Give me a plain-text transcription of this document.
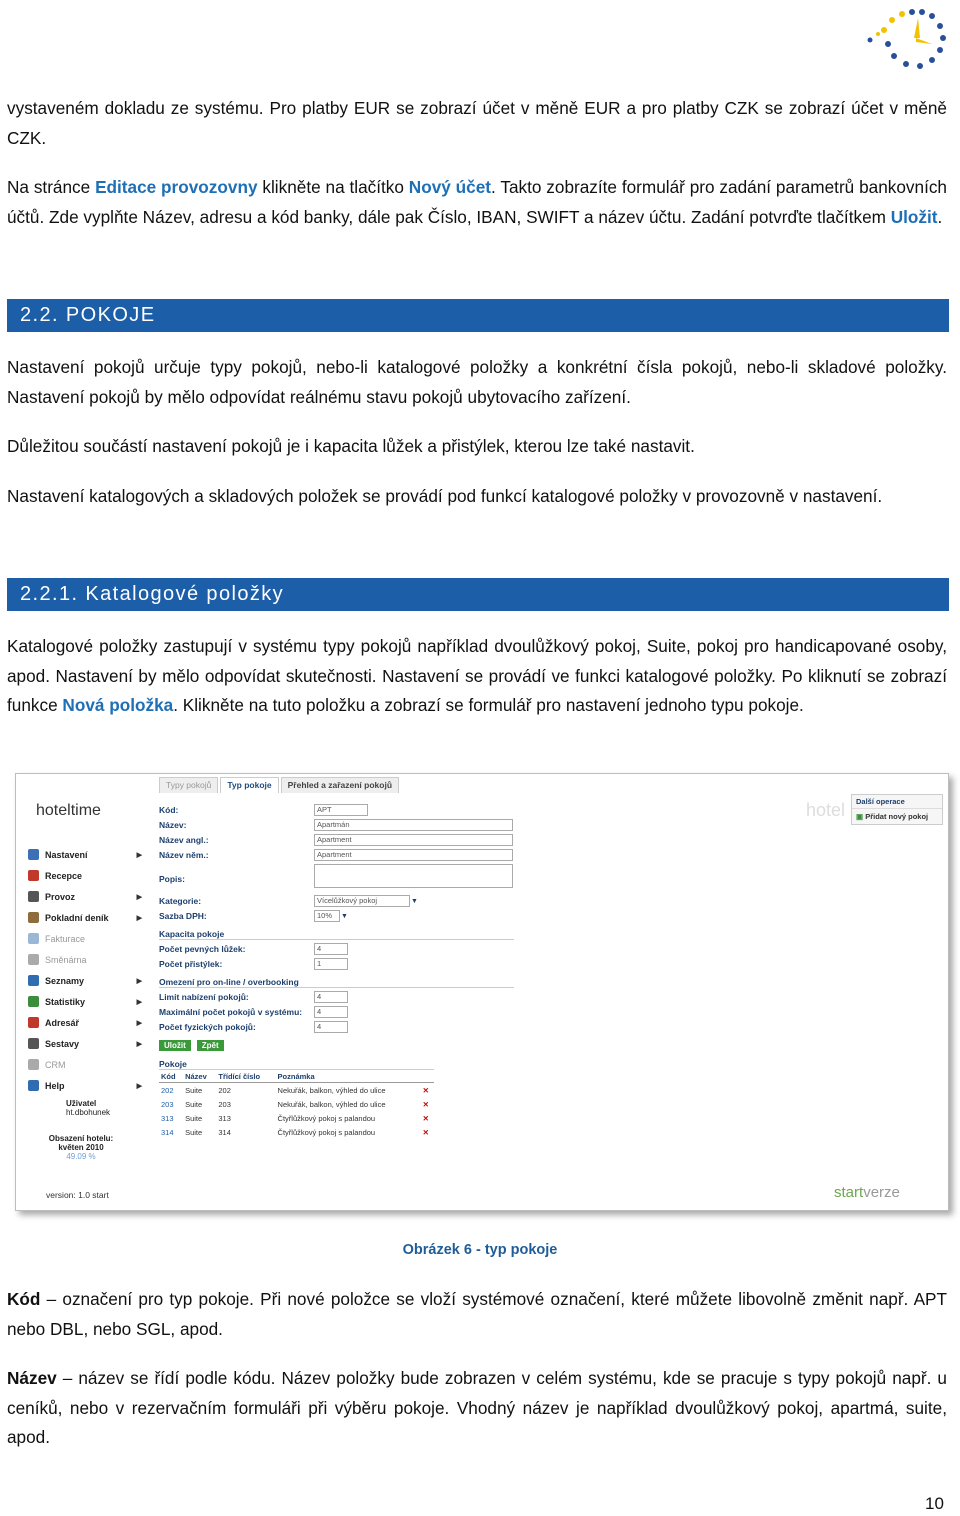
vystaveném dokladu ze systému. Pro platby EUR se zobrazí účet v měně EUR a pro platby CZK se zobrazí účet v měně CZK.
Na stránce Editace provozovny klikněte na tlačítko Nový účet. Takto zobrazíte formulář pro zadání parametrů bankovních účtů. Zde vyplňte Název, adresu a kód banky, dále pak Číslo, IBAN, SWIFT a název účtu. Zadání potvrďte tlačítkem Uložit.
2.2. POKOJE
Nastavení pokojů určuje typy pokojů, nebo-li katalogové položky a konkrétní čísla pokojů, nebo-li skladové položky. Nastavení pokojů by mělo odpovídat reálnému stavu pokojů ubytovacího zařízení.
Důležitou součástí nastavení pokojů je i kapacita lůžek a přistýlek, kterou lze také nastavit.
Nastavení katalogových a skladových položek se provádí pod funkcí katalogové položky v provozovně v nastavení.
2.2.1. Katalogové položky
Katalogové položky zastupují v systému typy pokojů například dvoulůžkový pokoj, Suite, pokoj pro handicapované osoby, apod. Nastavení by mělo odpovídat skutečnosti. Nastavení se provádí ve funkci katalogové položky. Po kliknutí se zobrazí funkce Nová položka. Klikněte na tuto položku a zobrazí se formulář pro nastavení jednoho typu pokoje.
hoteltime
Nastavení	▶
Recepce
Provoz	▶
Pokladní deník	▶
Fakturace
Směnárna
Seznamy	▶
Statistiky	▶
Adresář	▶
Sestavy	▶
CRM
Help	▶
Uživatel
ht.dbohunek
Obsazení hotelu:
květen 2010
49.09 %
version: 1.0 start
Typy pokojů	Typ pokoje	Přehled a zařazení pokojů
Kód:	APT
Název:	Apartmán
Název angl.:	Apartment
Název něm.:	Apartment
Popis:
Kategorie:	Vícelůžkový pokoj	▼
Sazba DPH:	10%	▼
Kapacita pokoje
Počet pevných lůžek:	4
Počet přistýlek:	1
Omezení pro on-line / overbooking
Limit nabízení pokojů:	4
Maximální počet pokojů v systému:	4
Počet fyzických pokojů:	4
Uložit	Zpět
Pokoje
Kód	Název	Třídící číslo	Poznámka	
202	Suite	202	Nekuřák, balkon, výhled do ulice	✕
203	Suite	203	Nekuřák, balkon, výhled do ulice	✕
313	Suite	313	Čtyřlůžkový pokoj s palandou	✕
314	Suite	314	Čtyřlůžkový pokoj s palandou	✕
hotel	Další operace
▣ Přidat nový pokoj
startverze
Obrázek 6 - typ pokoje
Kód – označení pro typ pokoje. Při nové položce se vloží systémové označení, které můžete libovolně změnit např. APT nebo DBL, nebo SGL, apod.
Název – název se řídí podle kódu. Název položky bude zobrazen v celém systému, kde se pracuje s typy pokojů např. u ceníků, nebo v rezervačním formuláři při výběru pokoje. Vhodný název je například dvoulůžkový pokoj, apartmá, suite, apod.
10
